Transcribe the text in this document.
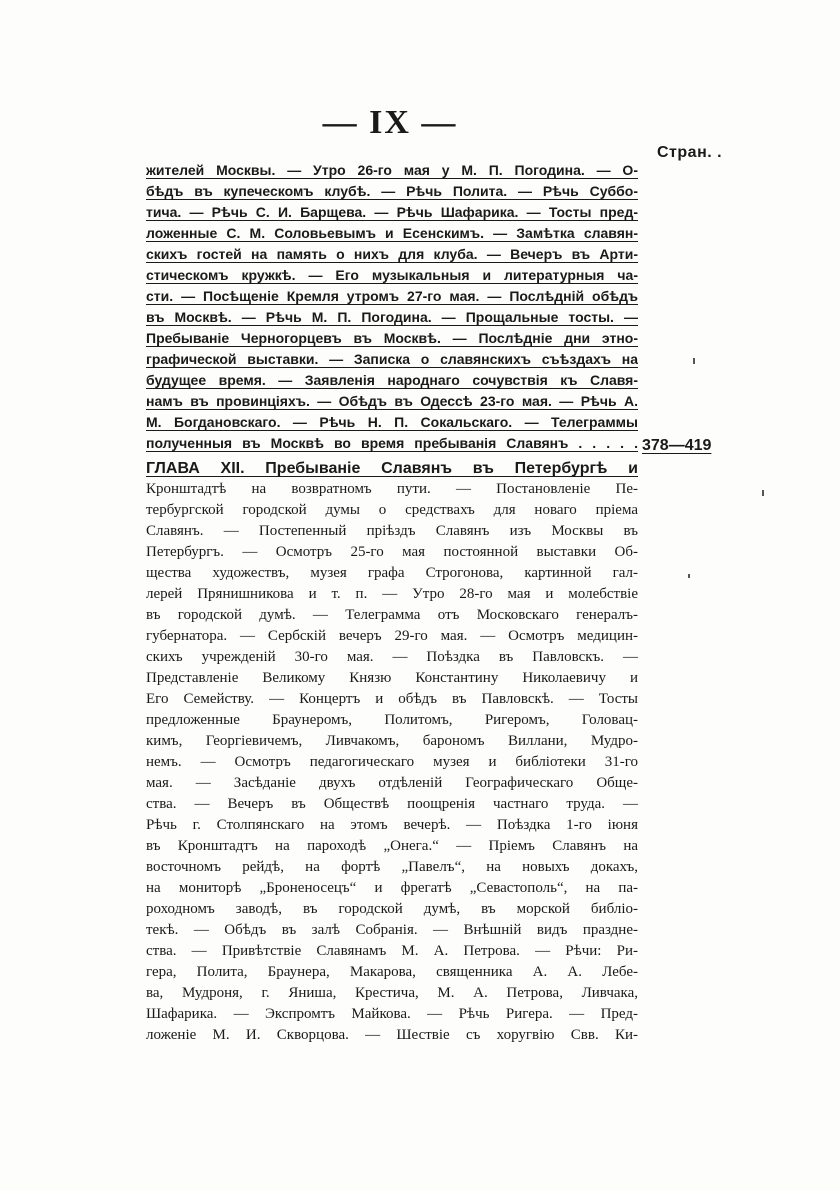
— IX —
Стран. .
жителей Москвы. — Утро 26-го мая у М. П. Погодина. — О-
бѣдъ въ купеческомъ клубѣ. — Рѣчь Полита. — Рѣчь Суббо-
тича. — Рѣчь С. И. Барщева. — Рѣчь Шафарика. — Тосты пред-
ложенные С. М. Соловьевымъ и Есенскимъ. — Замѣтка славян-
скихъ гостей на память о нихъ для клуба. — Вечеръ въ Арти-
стическомъ кружкѣ. — Его музыкальныя и литературныя ча-
сти. — Посѣщеніе Кремля утромъ 27-го мая. — Послѣдній обѣдъ
въ Москвѣ. — Рѣчь М. П. Погодина. — Прощальные тосты. —
Пребываніе Черногорцевъ въ Москвѣ. — Послѣдніе дни этно-
графической выставки. — Записка о славянскихъ съѣздахъ на
будущее время. — Заявленія народнаго сочувствія къ Славя-
намъ въ провинціяхъ. — Обѣдъ въ Одессѣ 23-го мая. — Рѣчь А.
М. Богдановскаго. — Рѣчь Н. П. Сокальскаго. — Телеграммы
полученныя въ Москвѣ во время пребыванія Славянъ . . . . . 378—419
ГЛАВА XII. Пребываніе Славянъ въ Петербургѣ и
Кронштадтѣ на возвратномъ пути. — Постановленіе Пе-
тербургской городской думы о средствахъ для новаго пріема
Славянъ. — Постепенный пріѣздъ Славянъ изъ Москвы въ
Петербургъ. — Осмотръ 25-го мая постоянной выставки Об-
щества художествъ, музея графа Строгонова, картинной гал-
лерей Прянишникова и т. п. — Утро 28-го мая и молебствіе
въ городской думѣ. — Телеграмма отъ Московскаго генералъ-
губернатора. — Сербскій вечеръ 29-го мая. — Осмотръ медицин-
скихъ учрежденій 30-го мая. — Поѣздка въ Павловскъ. —
Представленіе Великому Князю Константину Николаевичу и
Его Семейству. — Концертъ и обѣдъ въ Павловскѣ. — Тосты
предложенные Браунеромъ, Политомъ, Ригеромъ, Головац-
кимъ, Георгіевичемъ, Ливчакомъ, барономъ Виллани, Мудро-
немъ. — Осмотръ педагогическаго музея и библіотеки 31-го
мая. — Засѣданіе двухъ отдѣленій Географическаго Обще-
ства. — Вечеръ въ Обществѣ поощренія частнаго труда. —
Рѣчь г. Столпянскаго на этомъ вечерѣ. — Поѣздка 1-го іюня
въ Кронштадтъ на пароходѣ „Онега.“ — Пріемъ Славянъ на
восточномъ рейдѣ, на фортѣ „Павелъ“, на новыхъ докахъ,
на мониторѣ „Броненосецъ“ и фрегатѣ „Севастополь“, на па-
роходномъ заводѣ, въ городской думѣ, въ морской библіо-
текѣ. — Обѣдъ въ залѣ Собранія. — Внѣшній видъ праздне-
ства. — Привѣтствіе Славянамъ М. А. Петрова. — Рѣчи: Ри-
гера, Полита, Браунера, Макарова, священника А. А. Лебе-
ва, Мудроня, г. Яниша, Крестича, М. А. Петрова, Ливчака,
Шафарика. — Экспромтъ Майкова. — Рѣчь Ригера. — Пред-
ложеніе М. И. Скворцова. — Шествіе съ хоругвію Свв. Ки-
